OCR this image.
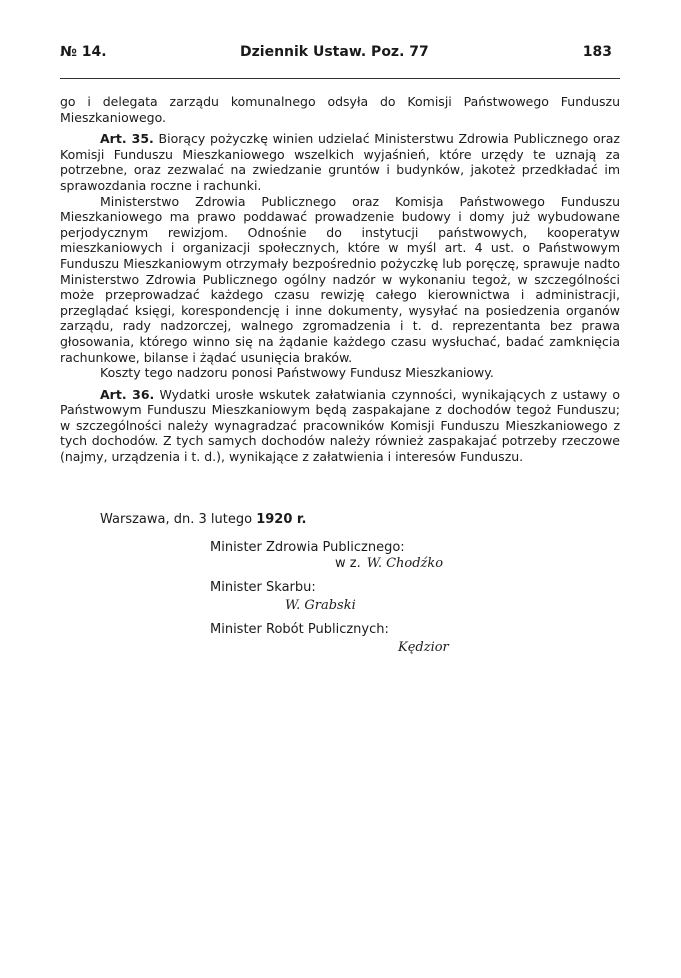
№ 14.	Dziennik Ustaw. Poz. 77	183

go i delegata zarządu komunalnego odsyła do Komisji Państwowego Funduszu Mieszkaniowego.

Art. 35. Biorący pożyczkę winien udzielać Ministerstwu Zdrowia Publicznego oraz Komisji Funduszu Mieszkaniowego wszelkich wyjaśnień, które urzędy te uznają za potrzebne, oraz zezwalać na zwiedzanie gruntów i budynków, jakoteż przedkładać im sprawozdania roczne i rachunki.

Ministerstwo Zdrowia Publicznego oraz Komisja Państwowego Funduszu Mieszkaniowego ma prawo poddawać prowadzenie budowy i domy już wybudowane perjodycznym rewizjom. Odnośnie do instytucji państwowych, kooperatyw mieszkaniowych i organizacji społecznych, które w myśl art. 4 ust. o Państwowym Funduszu Mieszkaniowym otrzymały bezpośrednio pożyczkę lub poręczę, sprawuje nadto Ministerstwo Zdrowia Publicznego ogólny nadzór w wykonaniu tegoż, w szczególności może przeprowadzać każdego czasu rewizję całego kierownictwa i administracji, przeglądać księgi, korespondencję i inne dokumenty, wysyłać na posiedzenia organów zarządu, rady nadzorczej, walnego zgromadzenia i t. d. reprezentanta bez prawa głosowania, którego winno się na żądanie każdego czasu wysłuchać, badać zamknięcia rachunkowe, bilanse i żądać usunięcia braków.

Koszty tego nadzoru ponosi Państwowy Fundusz Mieszkaniowy.

Art. 36. Wydatki urosłe wskutek załatwiania czynności, wynikających z ustawy o Państwowym Funduszu Mieszkaniowym będą zaspakajane z dochodów tegoż Funduszu; w szczególności należy wynagradzać pracowników Komisji Funduszu Mieszkaniowego z tych dochodów. Z tych samych dochodów należy również zaspakajać potrzeby rzeczowe (najmy, urządzenia i t. d.), wynikające z załatwienia i interesów Funduszu.

Warszawa, dn. 3 lutego 1920 r.
Minister Zdrowia Publicznego:
w z. W. Chodźko
Minister Skarbu:
W. Grabski
Minister Robót Publicznych:
Kędzior
